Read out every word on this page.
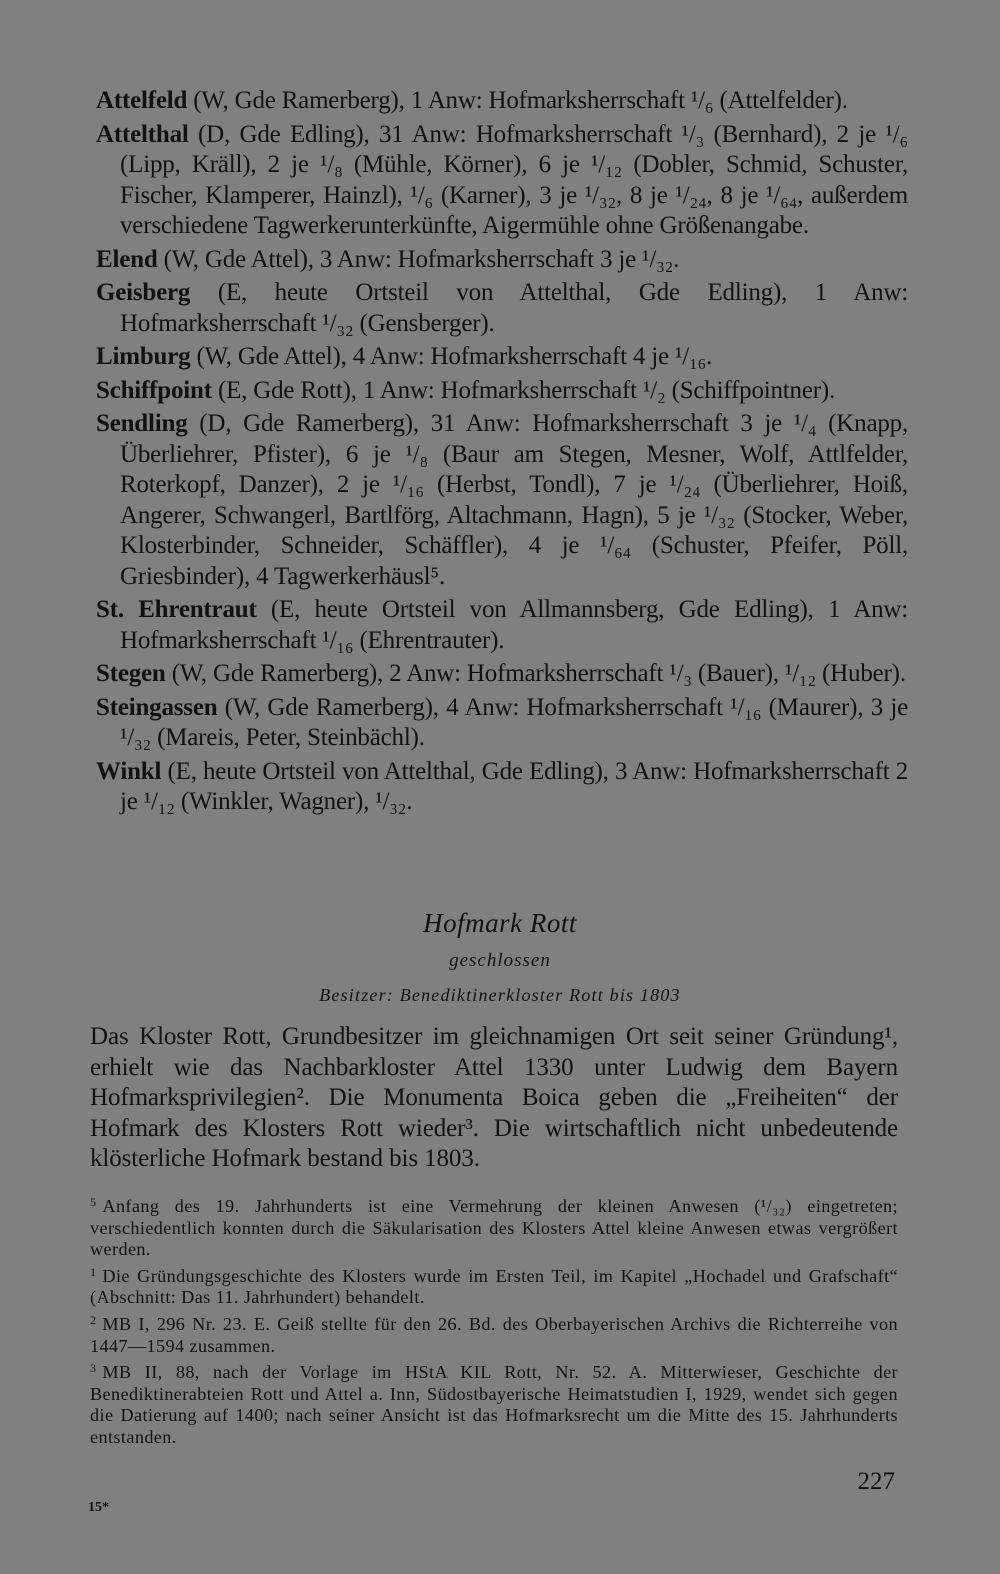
Attelfeld (W, Gde Ramerberg), 1 Anw: Hofmarksherrschaft ¹/₆ (Attelfelder).

Attelthal (D, Gde Edling), 31 Anw: Hofmarksherrschaft ¹/₃ (Bernhard), 2 je ¹/₆ (Lipp, Kräll), 2 je ¹/₈ (Mühle, Körner), 6 je ¹/₁₂ (Dobler, Schmid, Schuster, Fischer, Klamperer, Hainzl), ¹/₆ (Karner), 3 je ¹/₃₂, 8 je ¹/₂₄, 8 je ¹/₆₄, außerdem verschiedene Tagwerkerunterkünfte, Aigermühle ohne Größenangabe.

Elend (W, Gde Attel), 3 Anw: Hofmarksherrschaft 3 je ¹/₃₂.

Geisberg (E, heute Ortsteil von Attelthal, Gde Edling), 1 Anw: Hofmarksherrschaft ¹/₃₂ (Gensberger).

Limburg (W, Gde Attel), 4 Anw: Hofmarksherrschaft 4 je ¹/₁₆.

Schiffpoint (E, Gde Rott), 1 Anw: Hofmarksherrschaft ¹/₂ (Schiffpointner).

Sendling (D, Gde Ramerberg), 31 Anw: Hofmarksherrschaft 3 je ¹/₄ (Knapp, Überliehrer, Pfister), 6 je ¹/₈ (Baur am Stegen, Mesner, Wolf, Attlfelder, Roterkopf, Danzer), 2 je ¹/₁₆ (Herbst, Tondl), 7 je ¹/₂₄ (Überliehrer, Hoiß, Angerer, Schwangerl, Bartlförg, Altachmann, Hagn), 5 je ¹/₃₂ (Stocker, Weber, Klosterbinder, Schneider, Schäffler), 4 je ¹/₆₄ (Schuster, Pfeifer, Pöll, Griesbinder), 4 Tagwerkerhäusl⁵.

St. Ehrentraut (E, heute Ortsteil von Allmannsberg, Gde Edling), 1 Anw: Hofmarksherrschaft ¹/₁₆ (Ehrentrauter).

Stegen (W, Gde Ramerberg), 2 Anw: Hofmarksherrschaft ¹/₃ (Bauer), ¹/₁₂ (Huber).

Steingassen (W, Gde Ramerberg), 4 Anw: Hofmarksherrschaft ¹/₁₆ (Maurer), 3 je ¹/₃₂ (Mareis, Peter, Steinbächl).

Winkl (E, heute Ortsteil von Attelthal, Gde Edling), 3 Anw: Hofmarksherrschaft 2 je ¹/₁₂ (Winkler, Wagner), ¹/₃₂.

Hofmark Rott
geschlossen
Besitzer: Benediktinerkloster Rott bis 1803

Das Kloster Rott, Grundbesitzer im gleichnamigen Ort seit seiner Gründung¹, erhielt wie das Nachbarkloster Attel 1330 unter Ludwig dem Bayern Hofmarksprivilegien². Die Monumenta Boica geben die „Freiheiten“ der Hofmark des Klosters Rott wieder³. Die wirtschaftlich nicht unbedeutende klösterliche Hofmark bestand bis 1803.

$^5$ Anfang des 19. Jahrhunderts ist eine Vermehrung der kleinen Anwesen (¹/₃₂) eingetreten; verschiedentlich konnten durch die Säkularisation des Klosters Attel kleine Anwesen etwas vergrößert werden.

$^1$ Die Gründungsgeschichte des Klosters wurde im Ersten Teil, im Kapitel „Hochadel und Grafschaft“ (Abschnitt: Das 11. Jahrhundert) behandelt.

$^2$ MB I, 296 Nr. 23. E. Geiß stellte für den 26. Bd. des Oberbayerischen Archivs die Richterreihe von 1447—1594 zusammen.

$^3$ MB II, 88, nach der Vorlage im HStA KIL Rott, Nr. 52. A. Mitterwieser, Geschichte der Benediktinerabteien Rott und Attel a. Inn, Südostbayerische Heimatstudien I, 1929, wendet sich gegen die Datierung auf 1400; nach seiner Ansicht ist das Hofmarksrecht um die Mitte des 15. Jahrhunderts entstanden.

227
15*
